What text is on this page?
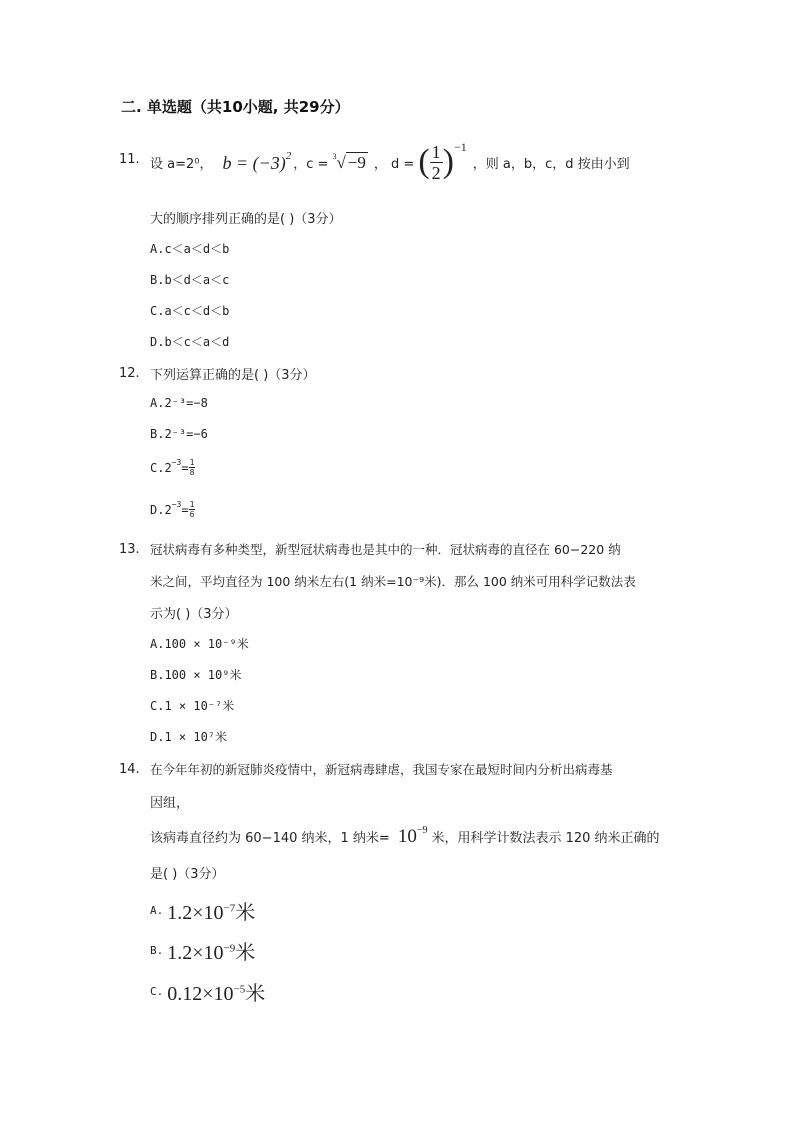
二. 单选题（共10小题, 共29分）
11. 设 a=2⁰， $b = (-3)^2$
，c =
$^3$√ −9 ， d = ( 1
2 ) −1
，则 a，b，c，d 按由小到
大的顺序排列正确的是( )（3分）
A.c＜a＜d＜b
B.b＜d＜a＜c
C.a＜c＜d＜b
D.b＜c＜a＜d
12. 下列运算正确的是( )（3分）
A.2⁻³=−8
B.2⁻³=−6
$C.2^{-3} = \frac{1}{8}$
$D.2^{-3} = \frac{1}{6}$
13. 冠状病毒有多种类型，新型冠状病毒也是其中的一种．冠状病毒的直径在 60−220 纳
米之间，平均直径为 100 纳米左右(1 纳米=10⁻⁹米)．那么 100 纳米可用科学记数法表
示为( )（3分）
A.100 × 10⁻⁹米
B.100 × 10⁹米
C.1 × 10⁻⁷米
D.1 × 10⁷米
14. 在今年年初的新冠肺炎疫情中，新冠病毒肆虐，我国专家在最短时间内分析出病毒基
因组，
该病毒直径约为 60−140 纳米，1 纳米= $10^{-9}$
米，用科学计数法表示 120 纳米正确的
是( )（3分）
A. $1.2\times 10^{-7}$米
B. $1.2\times 10^{-9}$米
C. $0.12\times 10^{-5}$米
